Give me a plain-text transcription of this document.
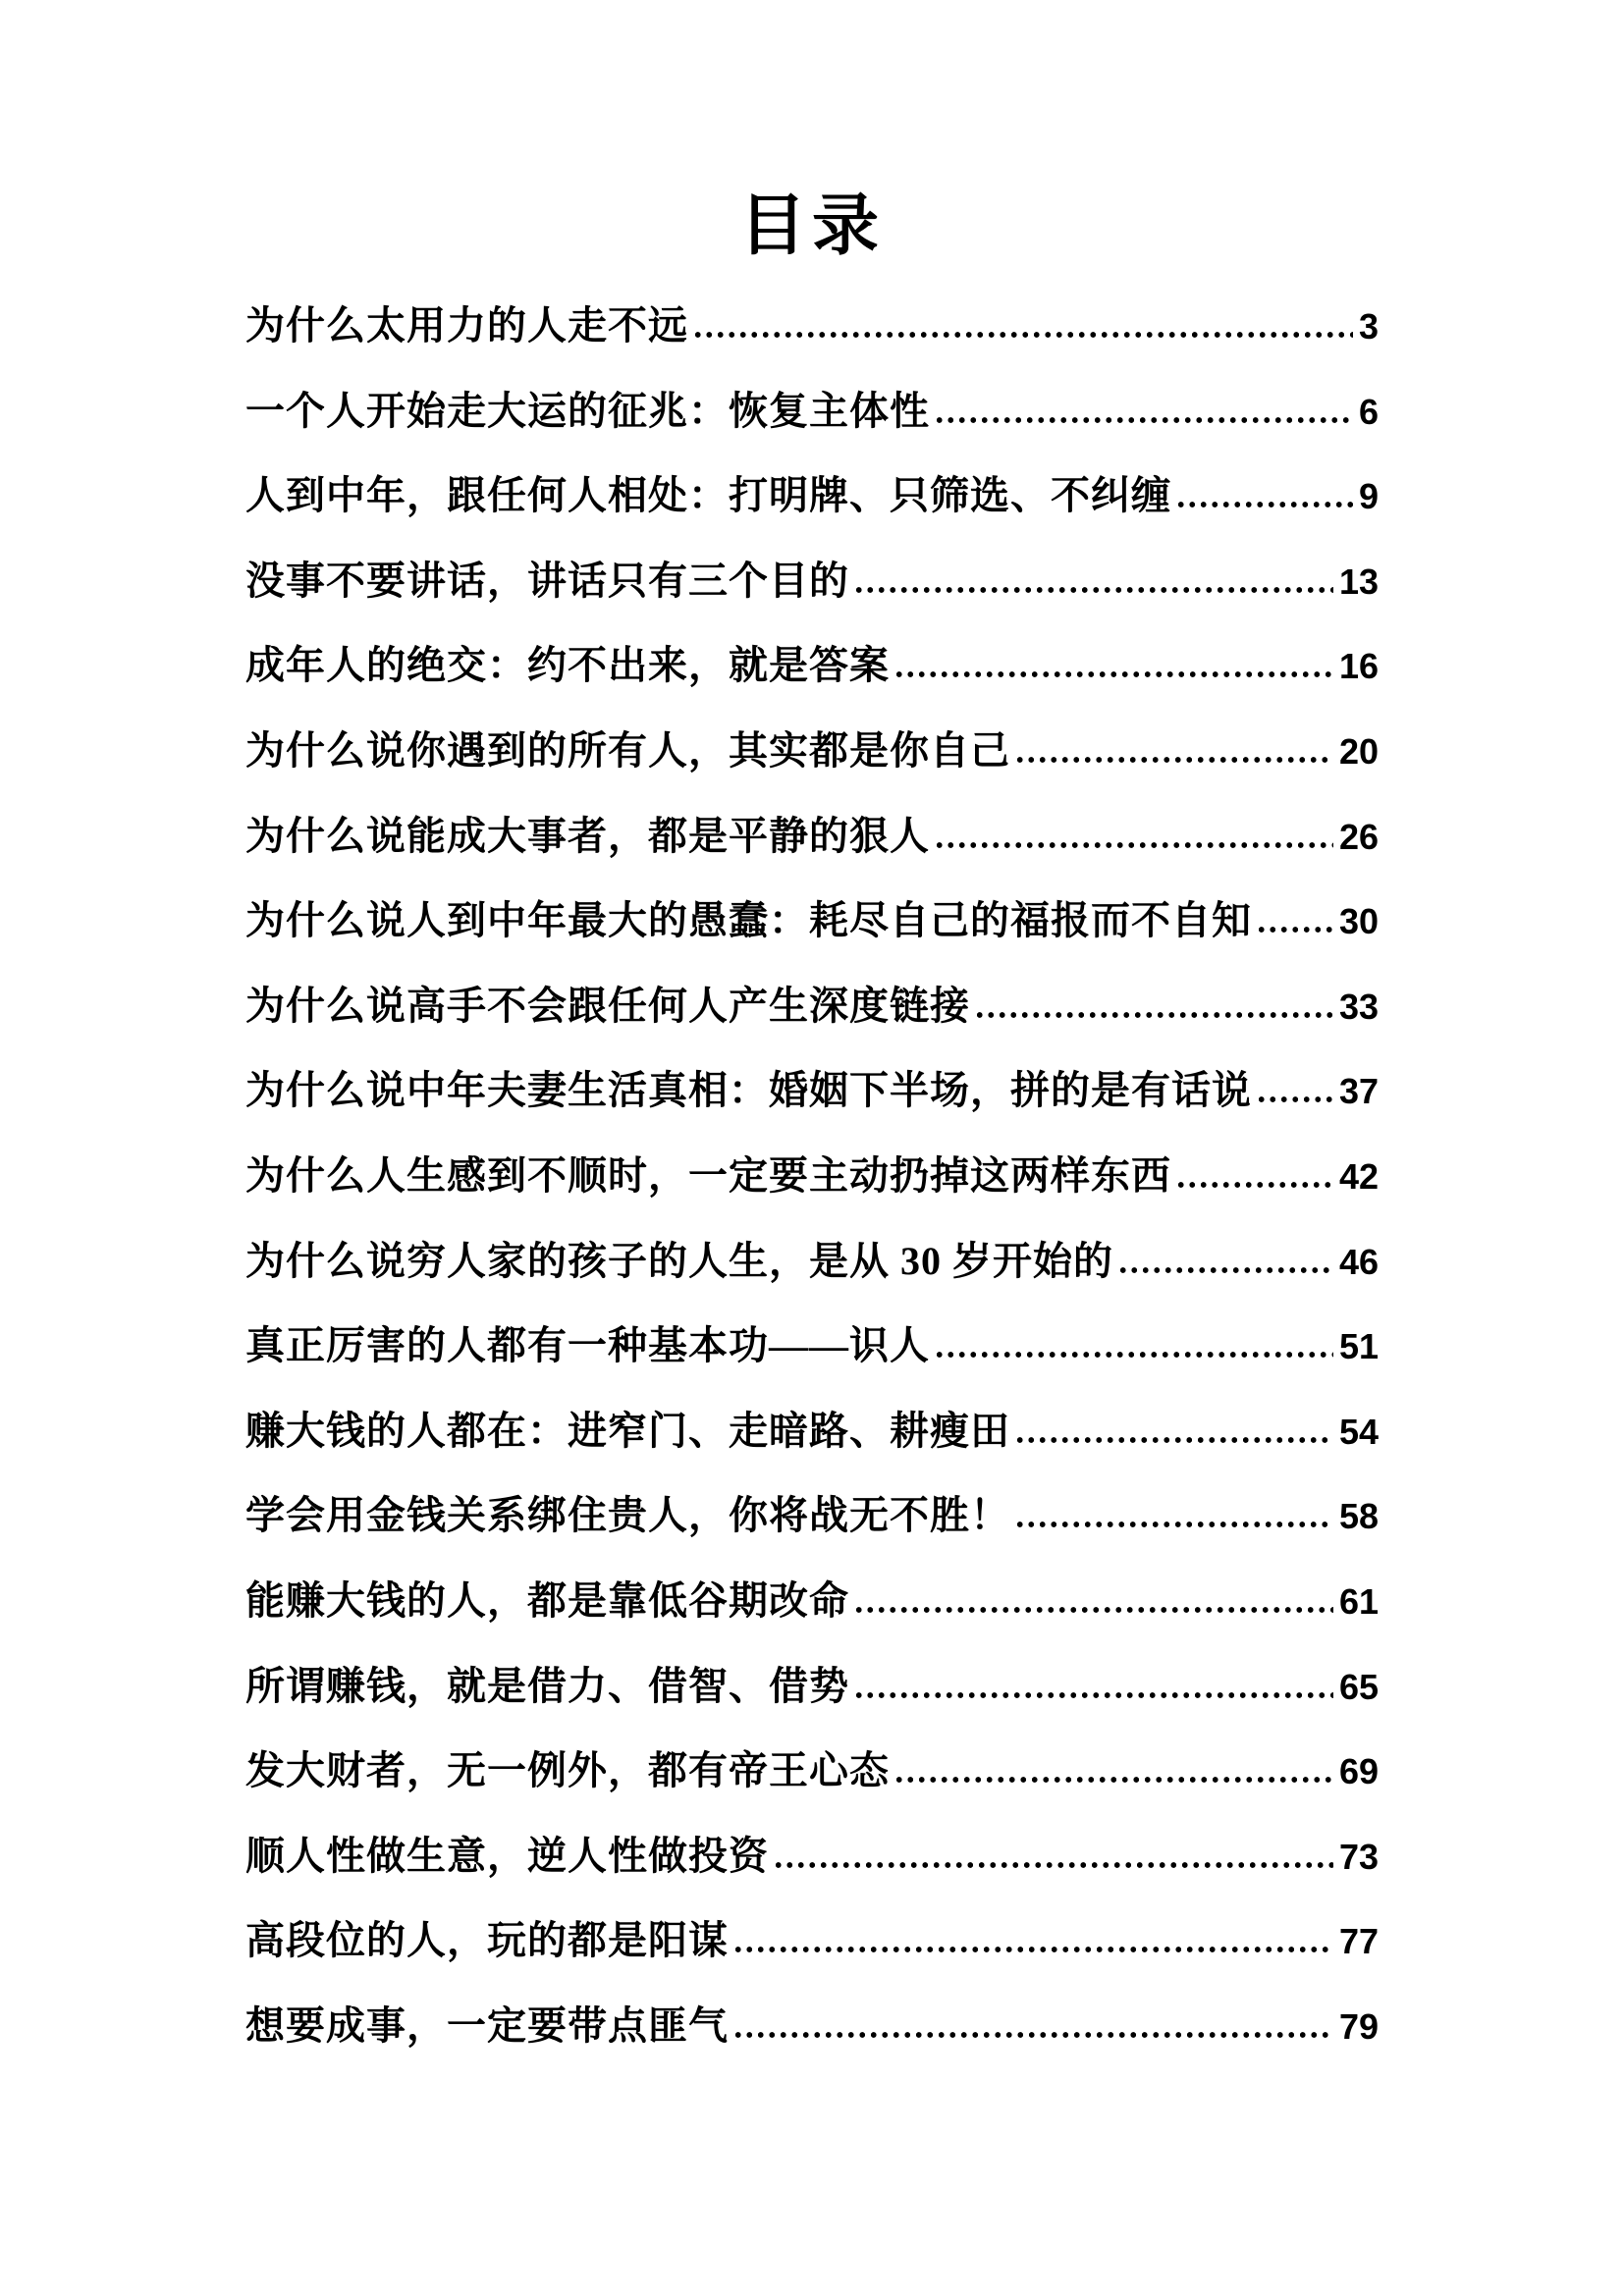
目录
为什么太用力的人走不远	3
一个人开始走大运的征兆：恢复主体性	6
人到中年，跟任何人相处：打明牌、只筛选、不纠缠	9
没事不要讲话，讲话只有三个目的	13
成年人的绝交：约不出来，就是答案	16
为什么说你遇到的所有人，其实都是你自己	20
为什么说能成大事者，都是平静的狠人	26
为什么说人到中年最大的愚蠢：耗尽自己的福报而不自知 30
为什么说高手不会跟任何人产生深度链接	33
为什么说中年夫妻生活真相：婚姻下半场，拼的是有话说 37
为什么人生感到不顺时，一定要主动扔掉这两样东西	42
为什么说穷人家的孩子的人生，是从 30 岁开始的	46
真正厉害的人都有一种基本功——识人	51
赚大钱的人都在：进窄门、走暗路、耕瘦田	54
学会用金钱关系绑住贵人，你将战无不胜！	58
能赚大钱的人，都是靠低谷期改命	61
所谓赚钱，就是借力、借智、借势	65
发大财者，无一例外，都有帝王心态	69
顺人性做生意，逆人性做投资	73
高段位的人，玩的都是阳谋	77
想要成事，一定要带点匪气	79
